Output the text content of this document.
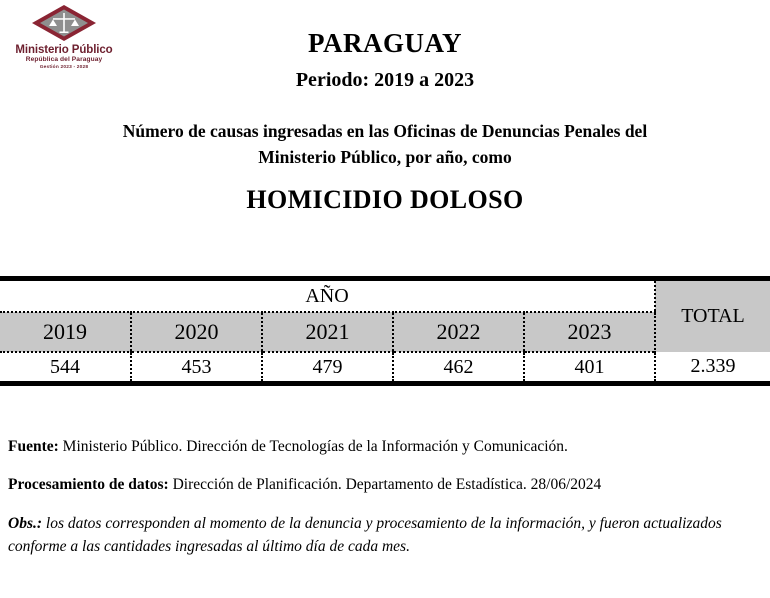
Ministerio Público
República del Paraguay
Gestión 2023 - 2028
PARAGUAY
Periodo: 2019 a 2023
Número de causas ingresadas en las Oficinas de Denuncias Penales del
Ministerio Público, por año, como
HOMICIDIO DOLOSO

AÑO					TOTAL
2019	2020	2021	2022	2023	
544	453	479	462	401	2.339

Fuente: Ministerio Público. Dirección de Tecnologías de la Información y Comunicación.
Procesamiento de datos: Dirección de Planificación. Departamento de Estadística. 28/06/2024
Obs.: los datos corresponden al momento de la denuncia y procesamiento de la información, y fueron actualizados conforme a las cantidades ingresadas al último día de cada mes.
